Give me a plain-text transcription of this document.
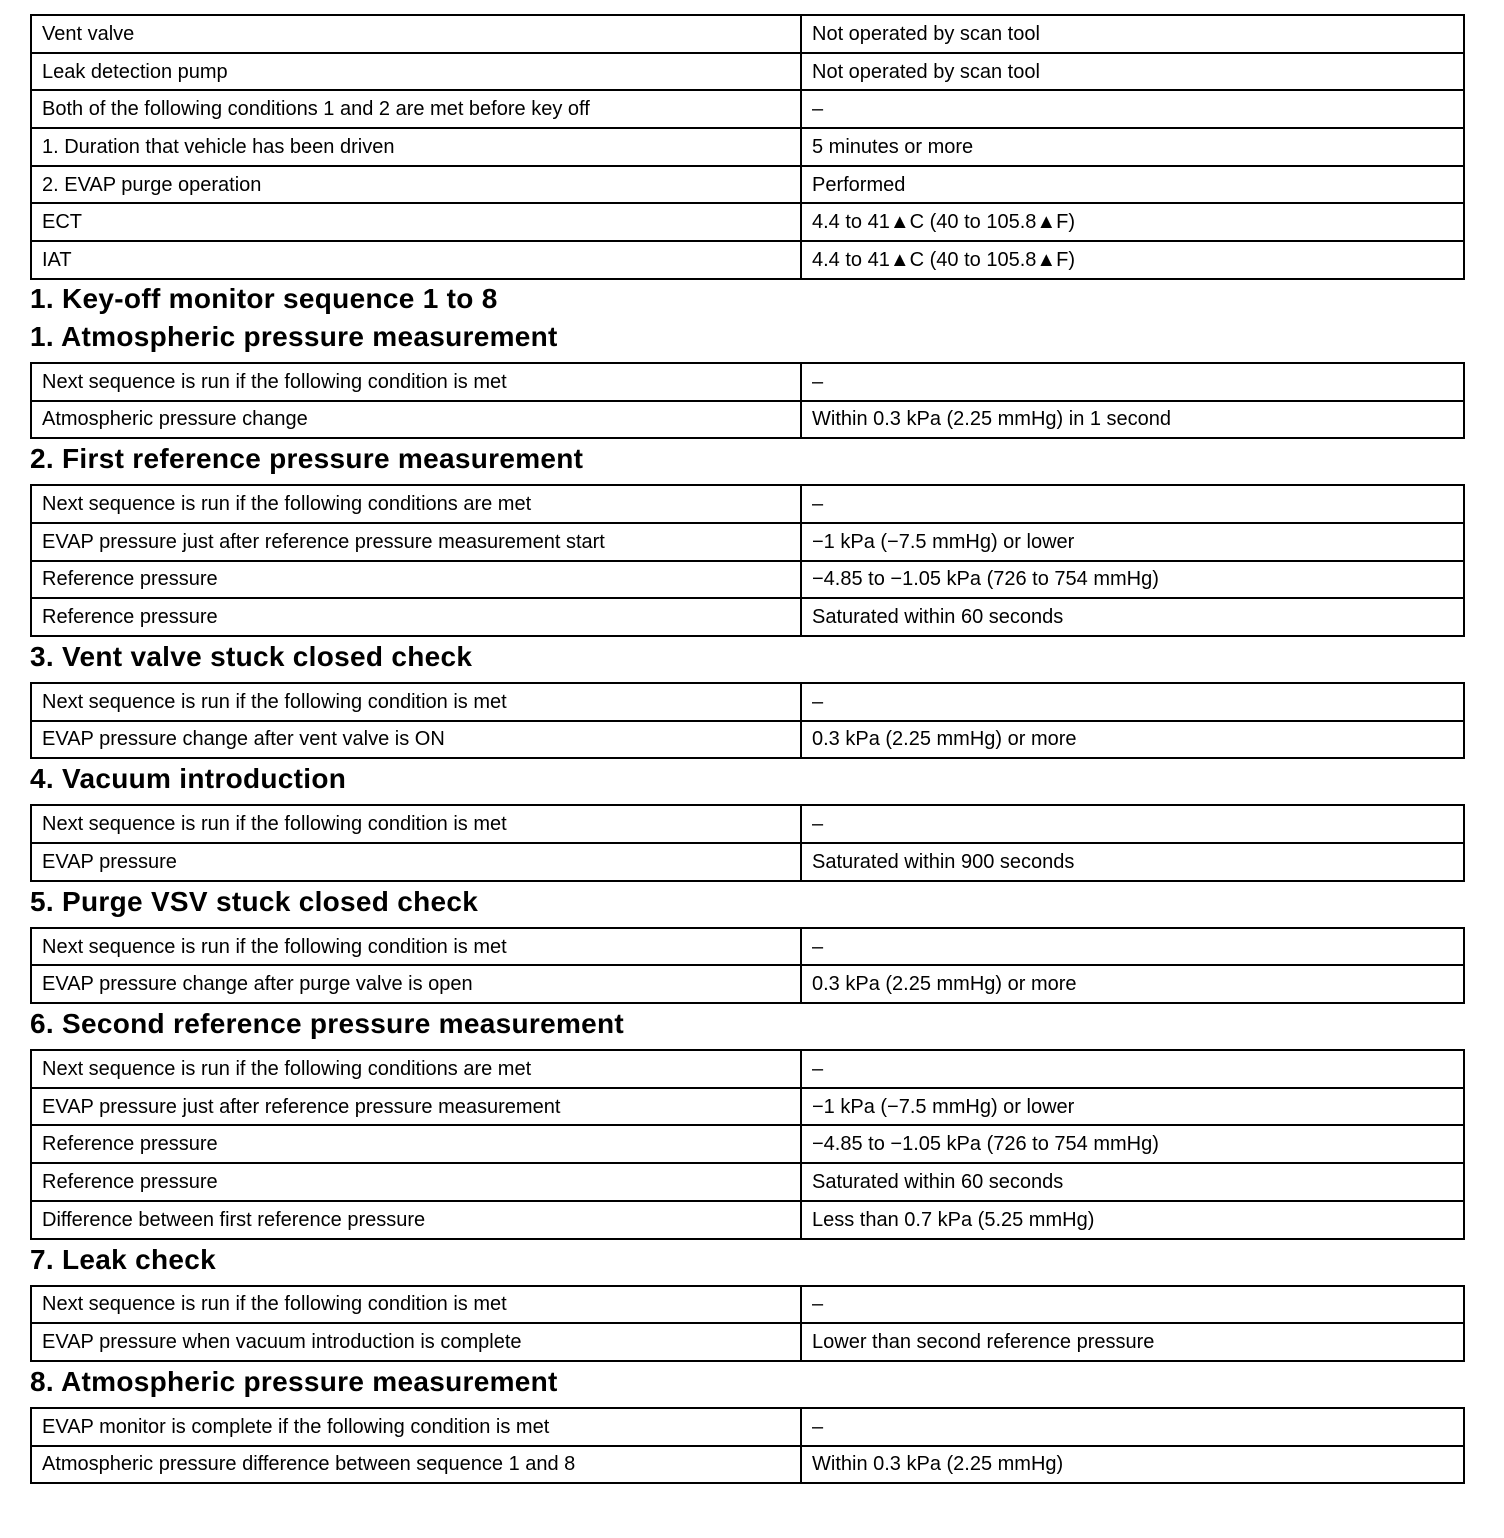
Vent valve	Not operated by scan tool
Leak detection pump	Not operated by scan tool
Both of the following conditions 1 and 2 are met before key off	–
1. Duration that vehicle has been driven	5 minutes or more
2. EVAP purge operation	Performed
ECT	4.4 to 41▲C (40 to 105.8▲F)
IAT	4.4 to 41▲C (40 to 105.8▲F)
1. Key-off monitor sequence 1 to 8
1. Atmospheric pressure measurement
Next sequence is run if the following condition is met	–
Atmospheric pressure change	Within 0.3 kPa (2.25 mmHg) in 1 second
2. First reference pressure measurement
Next sequence is run if the following conditions are met	–
EVAP pressure just after reference pressure measurement start	−1 kPa (−7.5 mmHg) or lower
Reference pressure	−4.85 to −1.05 kPa (726 to 754 mmHg)
Reference pressure	Saturated within 60 seconds
3. Vent valve stuck closed check
Next sequence is run if the following condition is met	–
EVAP pressure change after vent valve is ON	0.3 kPa (2.25 mmHg) or more
4. Vacuum introduction
Next sequence is run if the following condition is met	–
EVAP pressure	Saturated within 900 seconds
5. Purge VSV stuck closed check
Next sequence is run if the following condition is met	–
EVAP pressure change after purge valve is open	0.3 kPa (2.25 mmHg) or more
6. Second reference pressure measurement
Next sequence is run if the following conditions are met	–
EVAP pressure just after reference pressure measurement	−1 kPa (−7.5 mmHg) or lower
Reference pressure	−4.85 to −1.05 kPa (726 to 754 mmHg)
Reference pressure	Saturated within 60 seconds
Difference between first reference pressure	Less than 0.7 kPa (5.25 mmHg)
7. Leak check
Next sequence is run if the following condition is met	–
EVAP pressure when vacuum introduction is complete	Lower than second reference pressure
8. Atmospheric pressure measurement
EVAP monitor is complete if the following condition is met	–
Atmospheric pressure difference between sequence 1 and 8	Within 0.3 kPa (2.25 mmHg)
